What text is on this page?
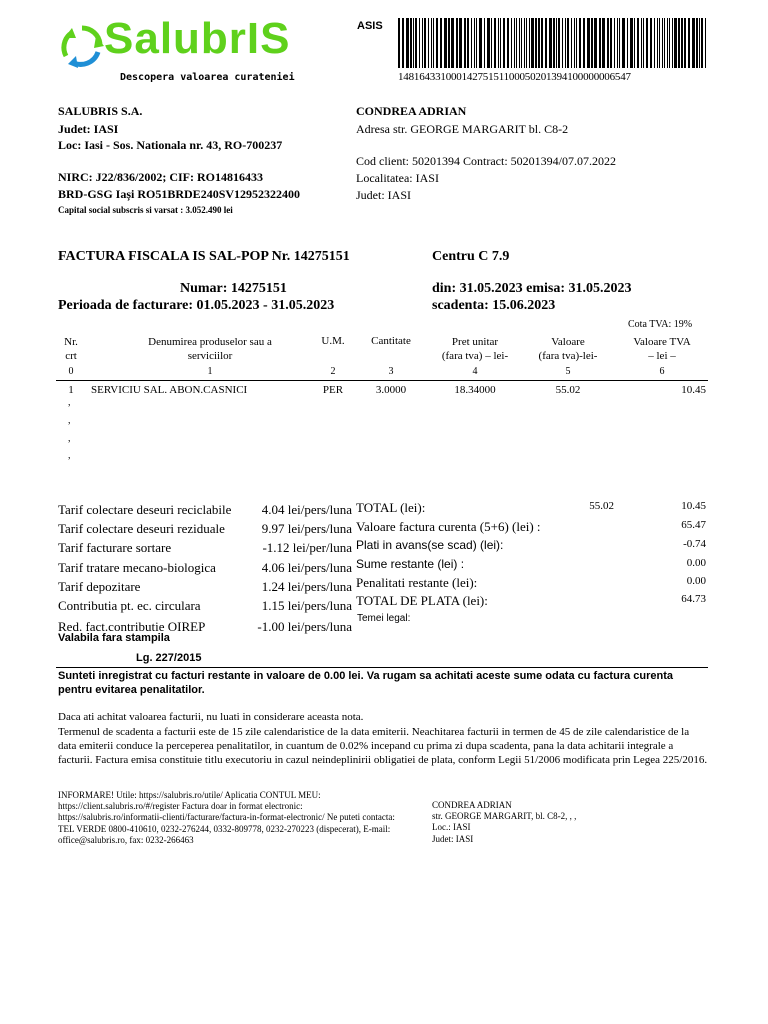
SalubrIS
Descopera valoarea curateniei
ASIS
14816433100014275151100050201394100000006547
SALUBRIS S.A.
Judet: IASI
Loc: Iasi - Sos. Nationala nr. 43, RO-700237
NIRC: J22/836/2002; CIF: RO14816433
BRD-GSG Iași RO51BRDE240SV12952322400
Capital social subscris si varsat : 3.052.490 lei
CONDREA ADRIAN
Adresa str. GEORGE MARGARIT bl. C8-2
Cod client: 50201394 Contract: 50201394/07.07.2022
Localitatea: IASI
Judet: IASI
FACTURA FISCALA IS SAL-POP Nr. 14275151	Centru C 7.9
Numar: 14275151	din: 31.05.2023 emisa: 31.05.2023
Perioada de facturare: 01.05.2023 - 31.05.2023	scadenta: 15.06.2023
Cota TVA: 19%
Nr.
crt
Denumirea produselor sau a
serviciilor
U.M.	Cantitate	Pret unitar
(fara tva) – lei-
Valoare
(fara tva)-lei-
Valoare TVA
– lei –
0	1	2	3	4	5	6
1	SERVICIU SAL. ABON.CASNICI	PER	3.0000	18.34000	55.02	10.45
,
,
,
,
Tarif colectare deseuri reciclabile 4.04 lei/pers/luna
Tarif colectare deseuri reziduale	9.97 lei/pers/luna
Tarif facturare sortare	-1.12 lei/per/luna
Tarif tratare mecano-biologica	4.06 lei/pers/luna
Tarif depozitare	1.24 lei/pers/luna
Contributia pt. ec. circulara	1.15 lei/pers/luna
Red. fact.contributie OIREP	-1.00 lei/pers/luna
TOTAL (lei):	55.02	10.45
Valoare factura curenta (5+6) (lei) :	65.47
Plati in avans(se scad) (lei):	-0.74
Sume restante (lei) :	0.00
Penalitati restante (lei):	0.00
TOTAL DE PLATA (lei):	64.73
Temei legal:
Valabila fara stampila
Lg. 227/2015
Sunteti inregistrat cu facturi restante in valoare de 0.00 lei. Va rugam sa achitati aceste sume odata cu factura curenta pentru evitarea penalitatilor.
Daca ati achitat valoarea facturii, nu luati in considerare aceasta nota.
Termenul de scadenta a facturii este de 15 zile calendaristice de la data emiterii. Neachitarea facturii in termen de 45 de zile calendaristice de la data emiterii conduce la perceperea penalitatilor, in cuantum de 0.02% incepand cu prima zi dupa scadenta, pana la data achitarii integrale a facturii. Factura emisa constituie titlu executoriu in cazul neindeplinirii obligatiei de plata, conform Legii 51/2006 modificata prin Legea 225/2016.
INFORMARE! Utile: https://salubris.ro/utile/ Aplicatia CONTUL MEU: https://client.salubris.ro/#/register Factura doar in format electronic: https://salubris.ro/informatii-clienti/facturare/factura-in-format-electronic/ Ne puteti contacta: TEL VERDE 0800-410610, 0232-276244, 0332-809778, 0232-270223 (dispecerat), E-mail: office@salubris.ro, fax: 0232-266463
CONDREA ADRIAN
str. GEORGE MARGARIT, bl. C8-2, , ,
Loc.: IASI
Judet: IASI
